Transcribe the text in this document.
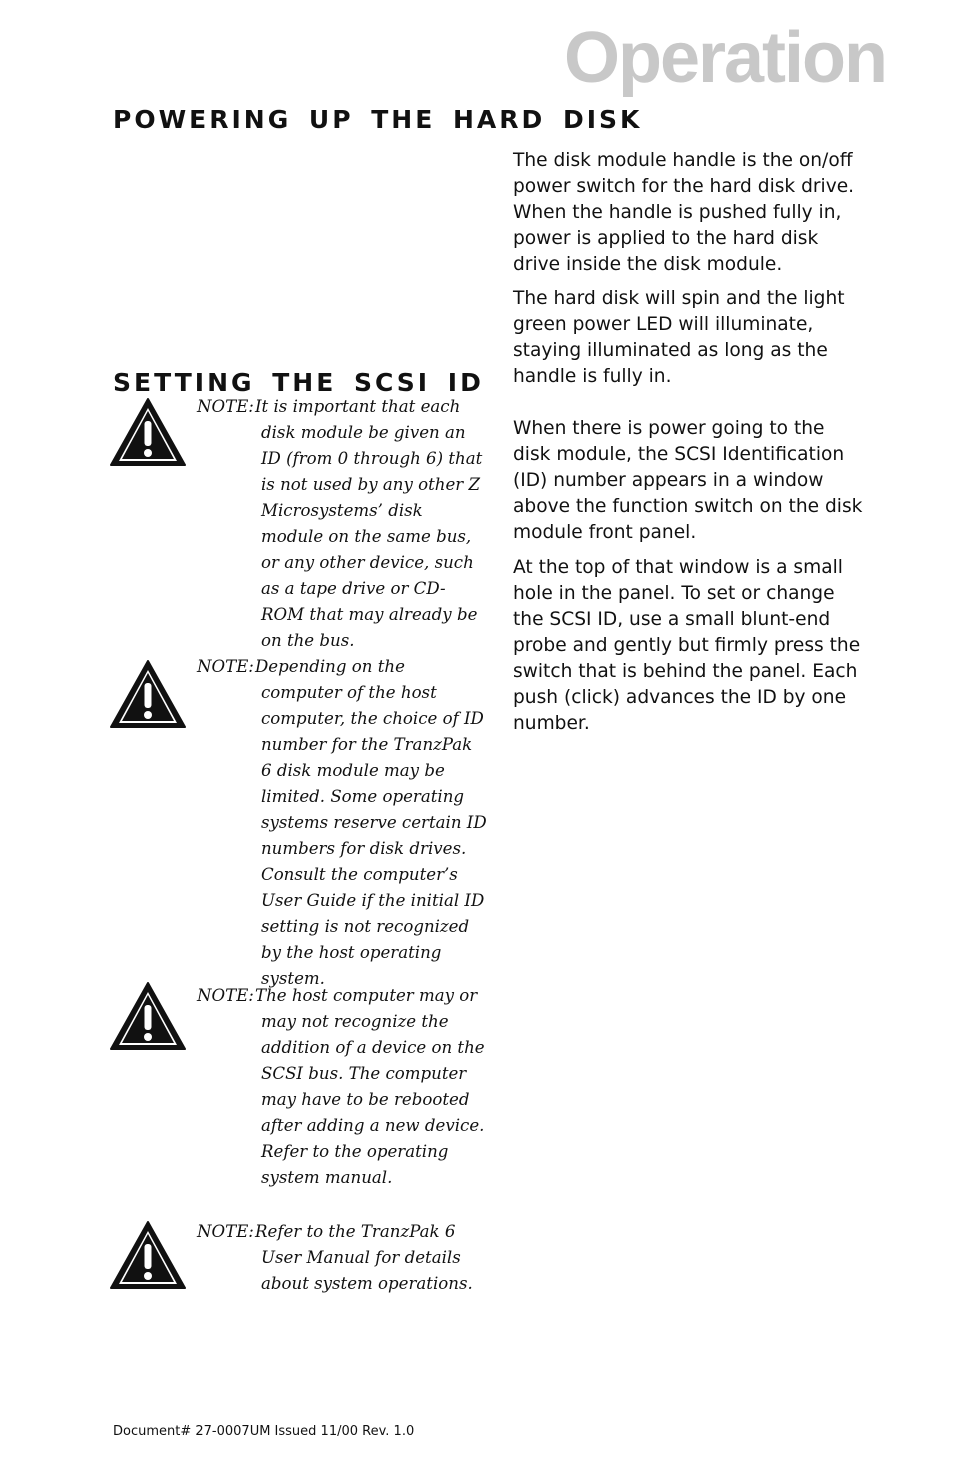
Operation
POWERING UP THE HARD DISK

The disk module handle is the on/off
power switch for the hard disk drive.
When the handle is pushed fully in,
power is applied to the hard disk
drive inside the disk module.

The hard disk will spin and the light
green power LED will illuminate,
staying illuminated as long as the
handle is fully in.

When there is power going to the
disk module, the SCSI Identification
(ID) number appears in a window
above the function switch on the disk
module front panel.

At the top of that window is a small
hole in the panel. To set or change
the SCSI ID, use a small blunt-end
probe and gently but firmly press the
switch that is behind the panel. Each
push (click) advances the ID by one
number.

SETTING THE SCSI ID

NOTE:It is important that each disk module be given an ID (from 0 through 6) that is not used by any other Z Microsystems’ disk module on the same bus, or any other device, such as a tape drive or CD-ROM that may already be on the bus.

NOTE:Depending on the computer of the host computer, the choice of ID number for the TranzPak 6 disk module may be limited. Some operating systems reserve certain ID numbers for disk drives. Consult the computer’s User Guide if the initial ID setting is not recognized by the host operating system.

NOTE:The host computer may or may not recognize the addition of a device on the SCSI bus. The computer may have to be rebooted after adding a new device. Refer to the operating system manual.

NOTE:Refer to the TranzPak 6 User Manual for details about system operations.

Document# 27-0007UM Issued 11/00 Rev. 1.0
